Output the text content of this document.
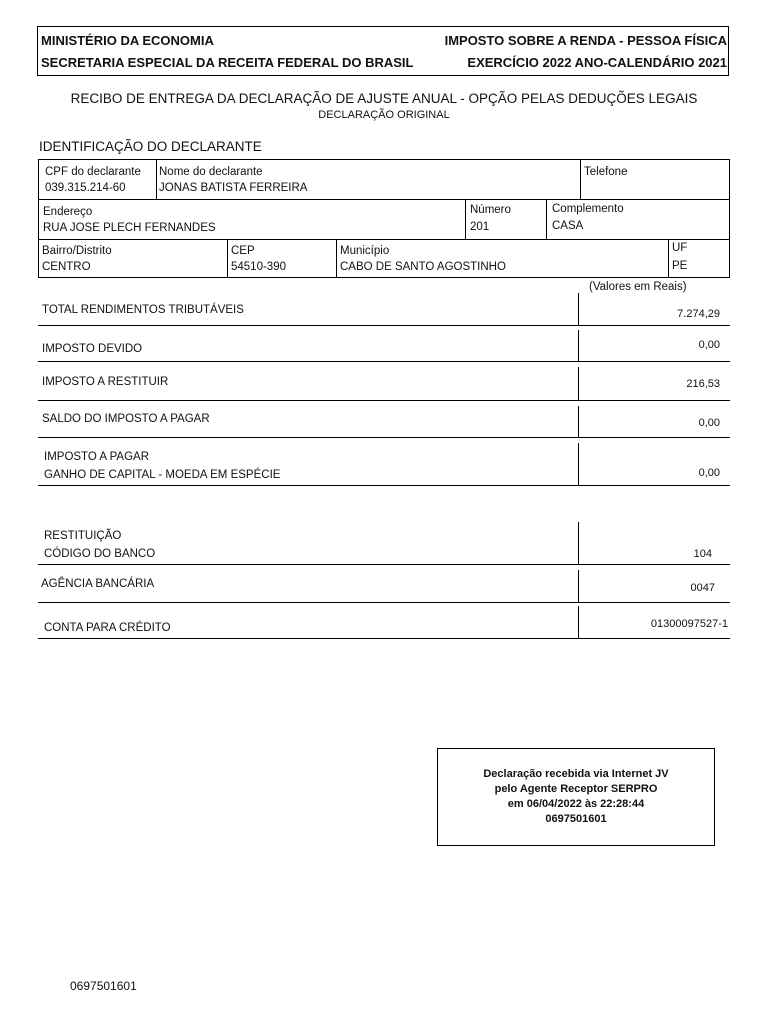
MINISTÉRIO DA ECONOMIA
SECRETARIA ESPECIAL DA RECEITA FEDERAL DO BRASIL
IMPOSTO SOBRE A RENDA - PESSOA FÍSICA
EXERCÍCIO 2022 ANO-CALENDÁRIO 2021
RECIBO DE ENTREGA DA DECLARAÇÃO DE AJUSTE ANUAL - OPÇÃO PELAS DEDUÇÕES LEGAIS
DECLARAÇÃO ORIGINAL
IDENTIFICAÇÃO DO DECLARANTE
CPF do declarante
039.315.214-60
Nome do declarante
JONAS BATISTA FERREIRA
Telefone
Endereço
RUA JOSE PLECH FERNANDES
Número
201
Complemento
CASA
Bairro/Distrito
CENTRO
CEP
54510-390
Município
CABO DE SANTO AGOSTINHO
UF
PE
(Valores em Reais)
TOTAL RENDIMENTOS TRIBUTÁVEIS	7.274,29
IMPOSTO DEVIDO	0,00
IMPOSTO A RESTITUIR	216,53
SALDO DO IMPOSTO A PAGAR	0,00
IMPOSTO A PAGAR
GANHO DE CAPITAL - MOEDA EM ESPÉCIE	0,00
RESTITUIÇÃO
CÓDIGO DO BANCO	104
AGÊNCIA BANCÁRIA	0047
CONTA PARA CRÉDITO	01300097527-1
Declaração recebida via Internet JV
pelo Agente Receptor SERPRO
em 06/04/2022 às 22:28:44
0697501601
0697501601
